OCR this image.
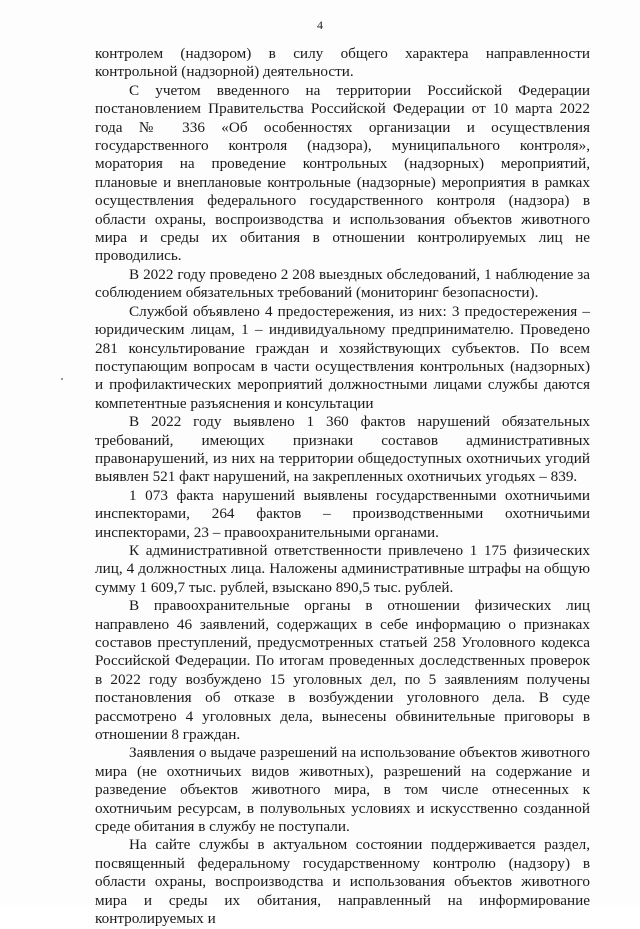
4

контролем (надзором) в силу общего характера направленности контрольной (надзорной) деятельности.

С учетом введенного на территории Российской Федерации постановлением Правительства Российской Федерации от 10 марта 2022 года № 336 «Об особенностях организации и осуществления государственного контроля (надзора), муниципального контроля», моратория на проведение контрольных (надзорных) мероприятий, плановые и внеплановые контрольные (надзорные) мероприятия в рамках осуществления федерального государственного контроля (надзора) в области охраны, воспроизводства и использования объектов животного мира и среды их обитания в отношении контролируемых лиц не проводились.

В 2022 году проведено 2 208 выездных обследований, 1 наблюдение за соблюдением обязательных требований (мониторинг безопасности).

Службой объявлено 4 предостережения, из них: 3 предостережения – юридическим лицам, 1 – индивидуальному предпринимателю. Проведено 281 консультирование граждан и хозяйствующих субъектов. По всем поступающим вопросам в части осуществления контрольных (надзорных) и профилактических мероприятий должностными лицами службы даются компетентные разъяснения и консультации

В 2022 году выявлено 1 360 фактов нарушений обязательных требований, имеющих признаки составов административных правонарушений, из них на территории общедоступных охотничьих угодий выявлен 521 факт нарушений, на закрепленных охотничьих угодьях – 839.

1 073 факта нарушений выявлены государственными охотничьими инспекторами, 264 фактов – производственными охотничьими инспекторами, 23 – правоохранительными органами.

К административной ответственности привлечено 1 175 физических лиц, 4 должностных лица. Наложены административные штрафы на общую сумму 1 609,7 тыс. рублей, взыскано 890,5 тыс. рублей.

В правоохранительные органы в отношении физических лиц направлено 46 заявлений, содержащих в себе информацию о признаках составов преступлений, предусмотренных статьей 258 Уголовного кодекса Российской Федерации. По итогам проведенных доследственных проверок в 2022 году возбуждено 15 уголовных дел, по 5 заявлениям получены постановления об отказе в возбуждении уголовного дела. В суде рассмотрено 4 уголовных дела, вынесены обвинительные приговоры в отношении 8 граждан.

Заявления о выдаче разрешений на использование объектов животного мира (не охотничьих видов животных), разрешений на содержание и разведение объектов животного мира, в том числе отнесенных к охотничьим ресурсам, в полувольных условиях и искусственно созданной среде обитания в службу не поступали.

На сайте службы в актуальном состоянии поддерживается раздел, посвященный федеральному государственному контролю (надзору) в области охраны, воспроизводства и использования объектов животного мира и среды их обитания, направленный на информирование контролируемых и
